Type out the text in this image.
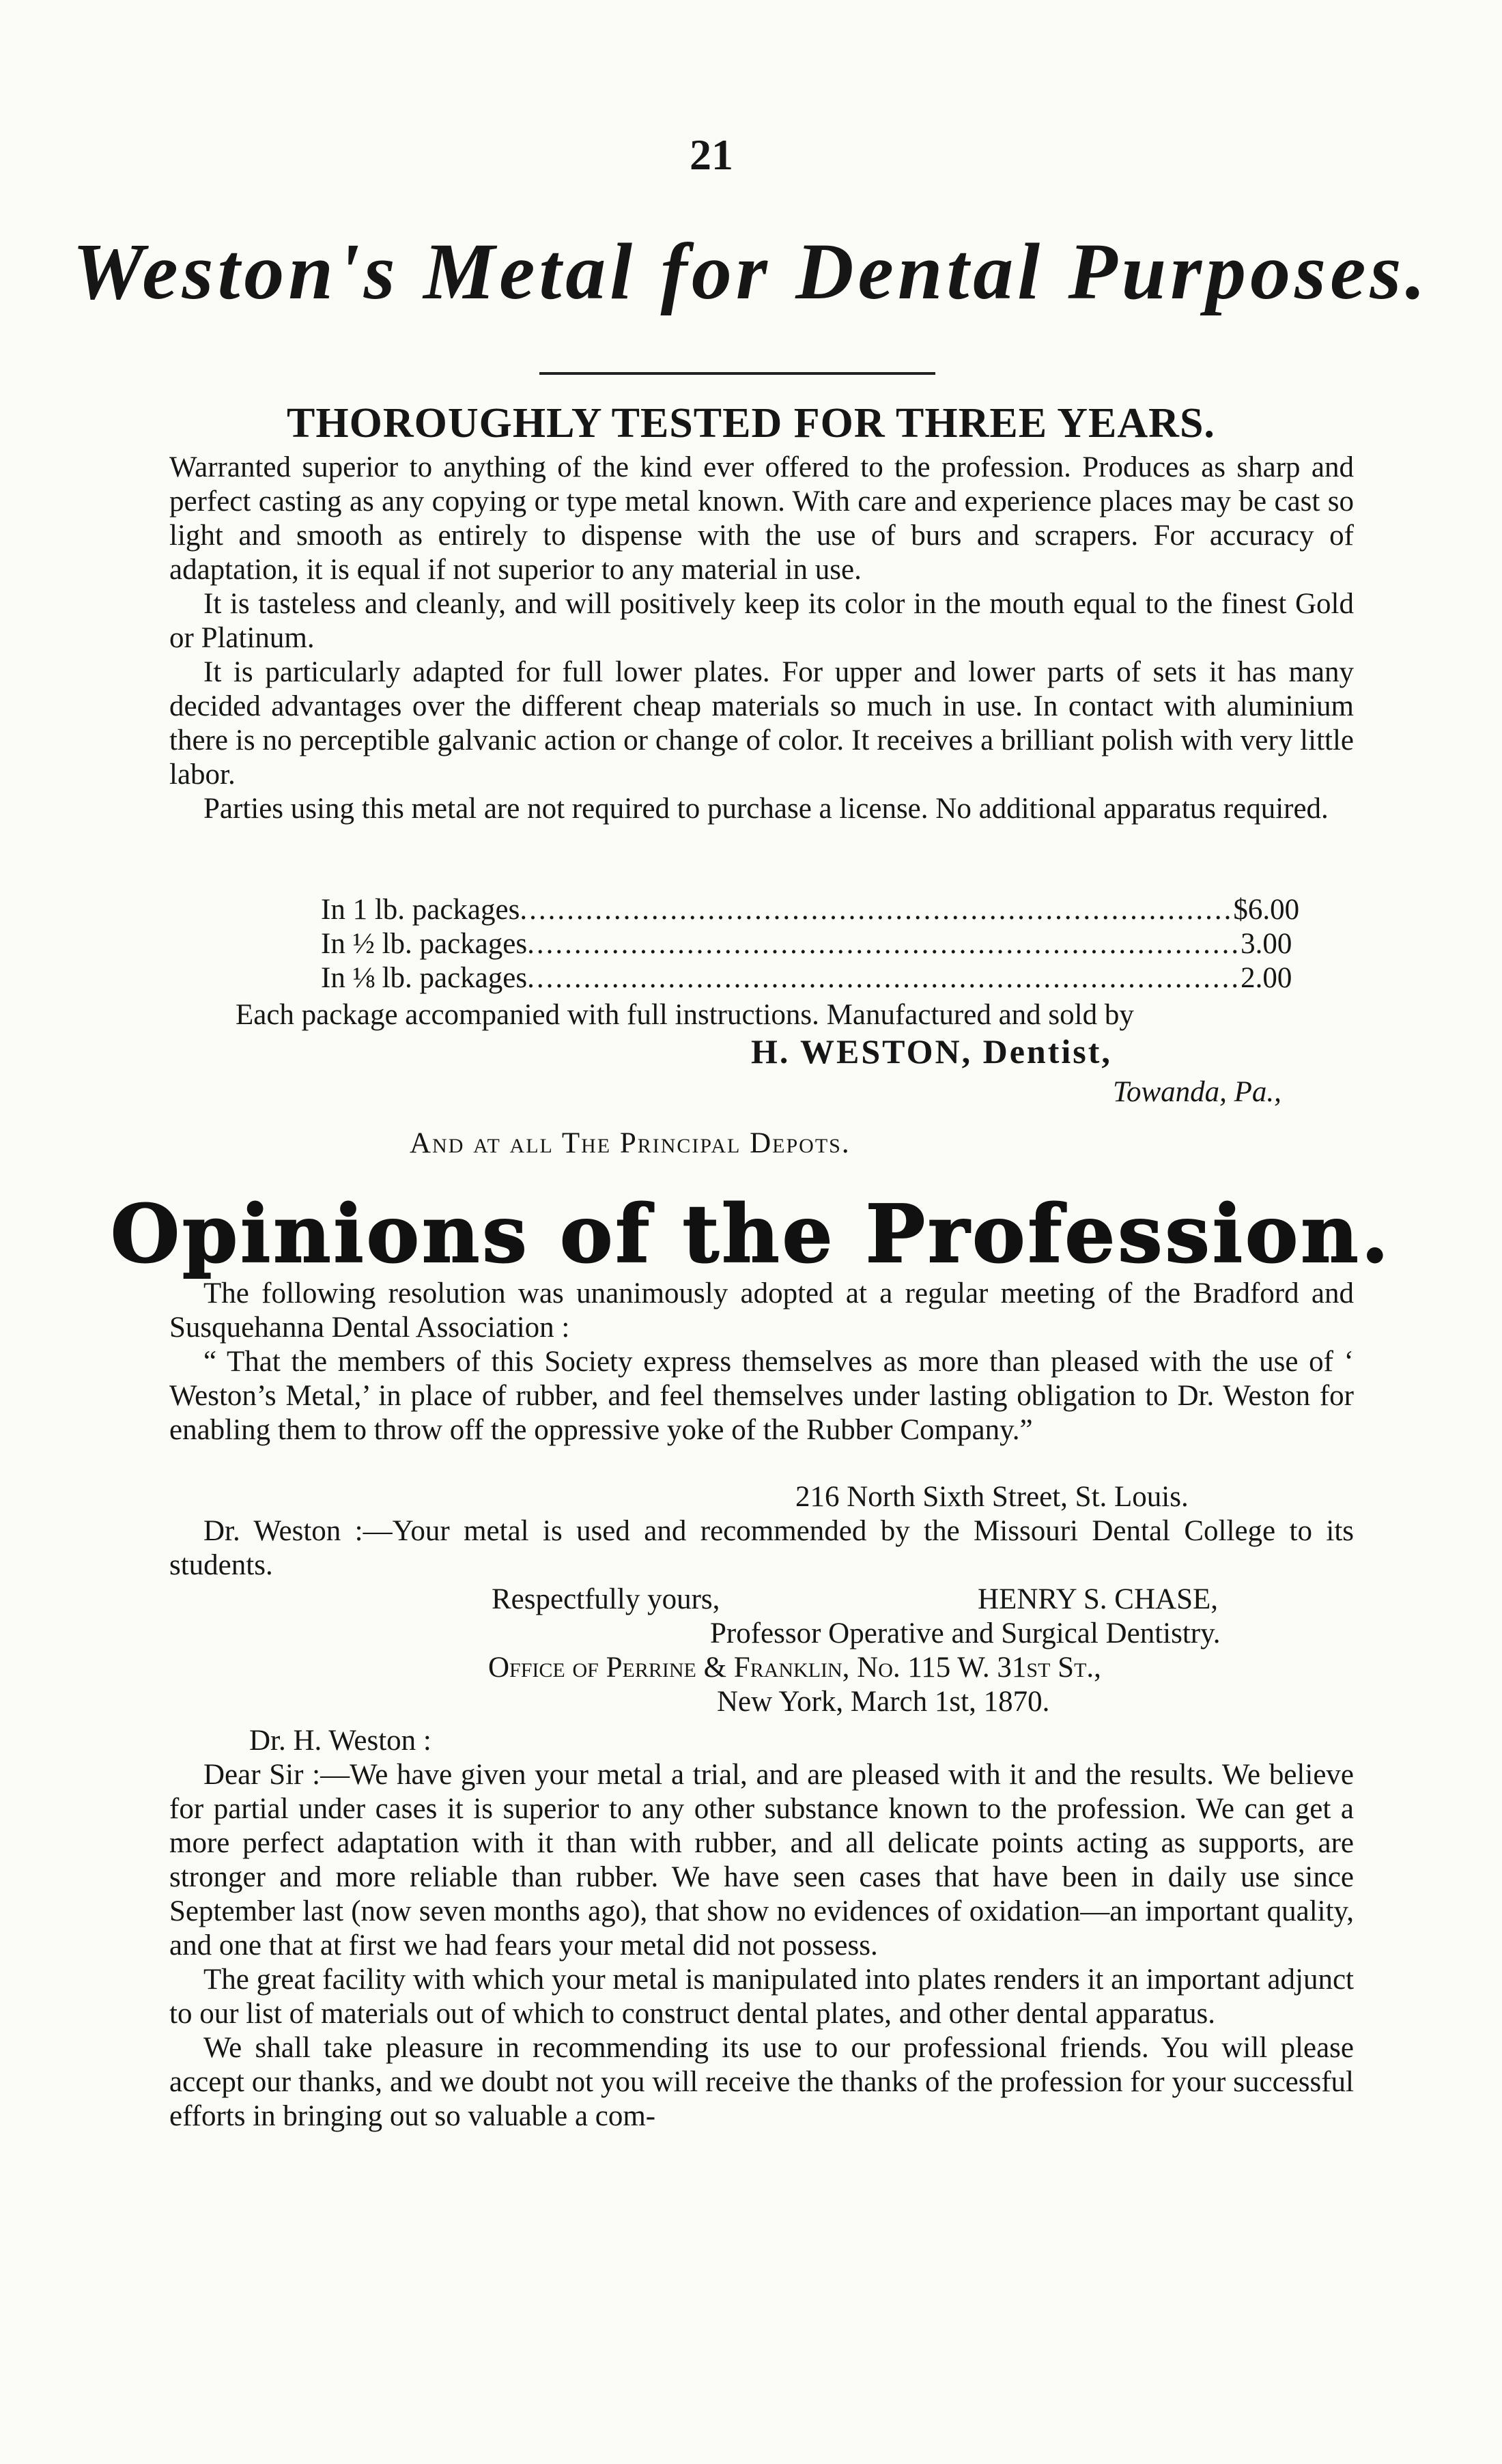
21
Weston's Metal for Dental Purposes.
THOROUGHLY TESTED FOR THREE YEARS.

Warranted superior to anything of the kind ever offered to the profession. Produces as sharp and perfect casting as any copying or type metal known. With care and experience places may be cast so light and smooth as entirely to dispense with the use of burs and scrapers. For accuracy of adaptation, it is equal if not superior to any material in use.

It is tasteless and cleanly, and will positively keep its color in the mouth equal to the finest Gold or Platinum.

It is particularly adapted for full lower plates. For upper and lower parts of sets it has many decided advantages over the different cheap materials so much in use. In contact with aluminium there is no perceptible galvanic action or change of color. It receives a brilliant polish with very little labor.

Parties using this metal are not required to purchase a license. No additional apparatus required.

In 1 lb. packages ............................................................................ $6.00
In ½ lb. packages ............................................................................ 3.00
In ⅛ lb. packages ............................................................................ 2.00
Each package accompanied with full instructions. Manufactured and sold by
H. WESTON, Dentist,
Towanda, Pa.,
And at all The Principal Depots.
Opinions of the Profession.

The following resolution was unanimously adopted at a regular meeting of the Bradford and Susquehanna Dental Association :

“ That the members of this Society express themselves as more than pleased with the use of ‘ Weston’s Metal,’ in place of rubber, and feel themselves under lasting obligation to Dr. Weston for enabling them to throw off the oppressive yoke of the Rubber Company.”

216 North Sixth Street, St. Louis.

Dr. Weston :—Your metal is used and recommended by the Missouri Dental College to its students.

Respectfully yours,	HENRY S. CHASE,
Professor Operative and Surgical Dentistry.
Office of Perrine & Franklin, No. 115 W. 31st St.,
New York, March 1st, 1870.
Dr. H. Weston :

Dear Sir :—We have given your metal a trial, and are pleased with it and the results. We believe for partial under cases it is superior to any other substance known to the profession. We can get a more perfect adaptation with it than with rubber, and all delicate points acting as supports, are stronger and more reliable than rubber. We have seen cases that have been in daily use since September last (now seven months ago), that show no evidences of oxidation—an important quality, and one that at first we had fears your metal did not possess.

The great facility with which your metal is manipulated into plates renders it an important adjunct to our list of materials out of which to construct dental plates, and other dental apparatus.

We shall take pleasure in recommending its use to our professional friends. You will please accept our thanks, and we doubt not you will receive the thanks of the profession for your successful efforts in bringing out so valuable a com-
